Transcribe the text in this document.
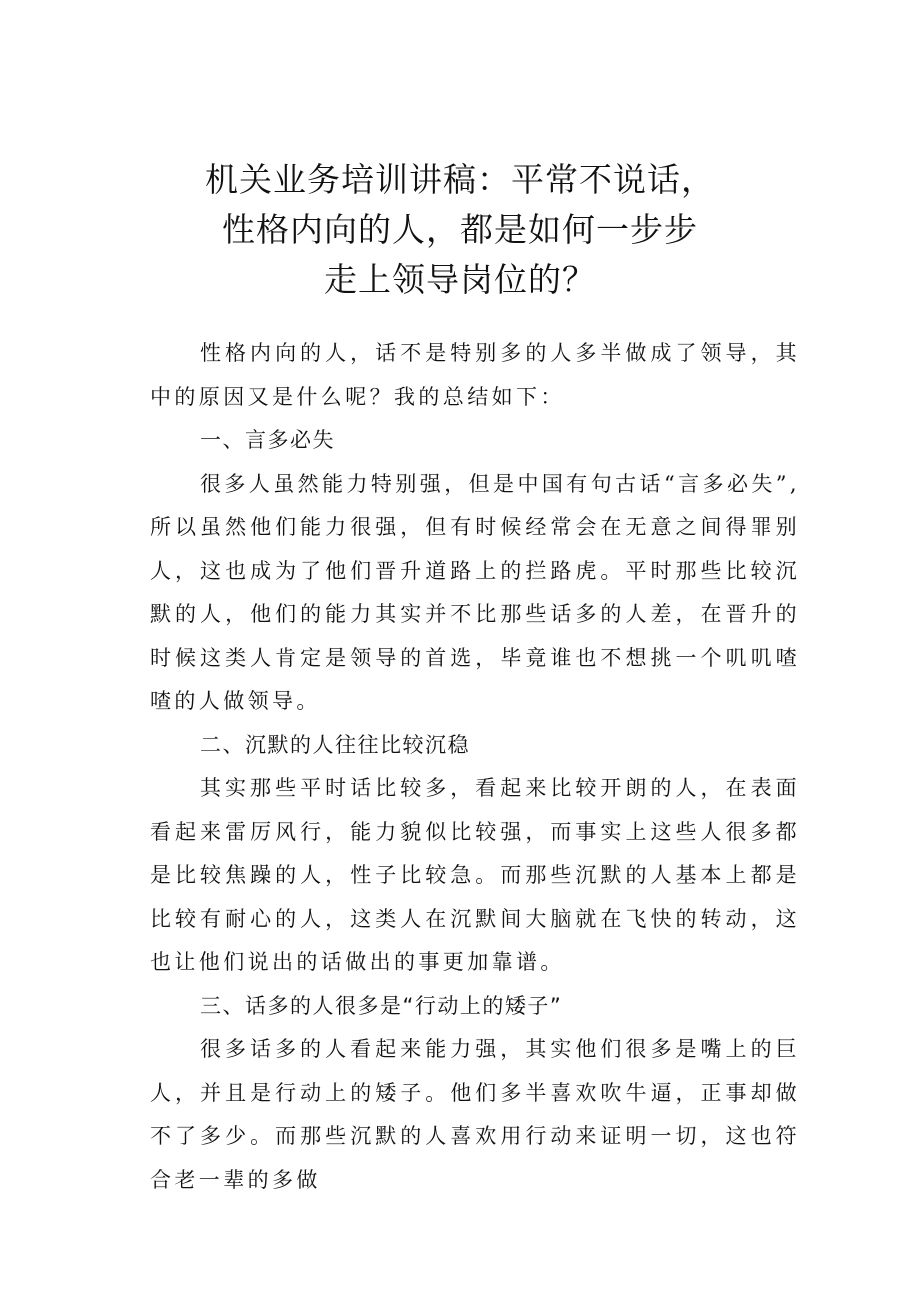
机关业务培训讲稿：平常不说话，
性格内向的人，都是如何一步步
走上领导岗位的？

性格内向的人，话不是特别多的人多半做成了领导，其中的原因又是什么呢？我的总结如下：

一、言多必失

很多人虽然能力特别强，但是中国有句古话“言多必失”,所以虽然他们能力很强，但有时候经常会在无意之间得罪别人，这也成为了他们晋升道路上的拦路虎。平时那些比较沉默的人，他们的能力其实并不比那些话多的人差，在晋升的时候这类人肯定是领导的首选，毕竟谁也不想挑一个叽叽喳喳的人做领导。

二、沉默的人往往比较沉稳

其实那些平时话比较多，看起来比较开朗的人，在表面看起来雷厉风行，能力貌似比较强，而事实上这些人很多都是比较焦躁的人，性子比较急。而那些沉默的人基本上都是比较有耐心的人，这类人在沉默间大脑就在飞快的转动，这也让他们说出的话做出的事更加靠谱。

三、话多的人很多是“行动上的矮子”

很多话多的人看起来能力强，其实他们很多是嘴上的巨人，并且是行动上的矮子。他们多半喜欢吹牛逼，正事却做不了多少。而那些沉默的人喜欢用行动来证明一切，这也符合老一辈的多做
